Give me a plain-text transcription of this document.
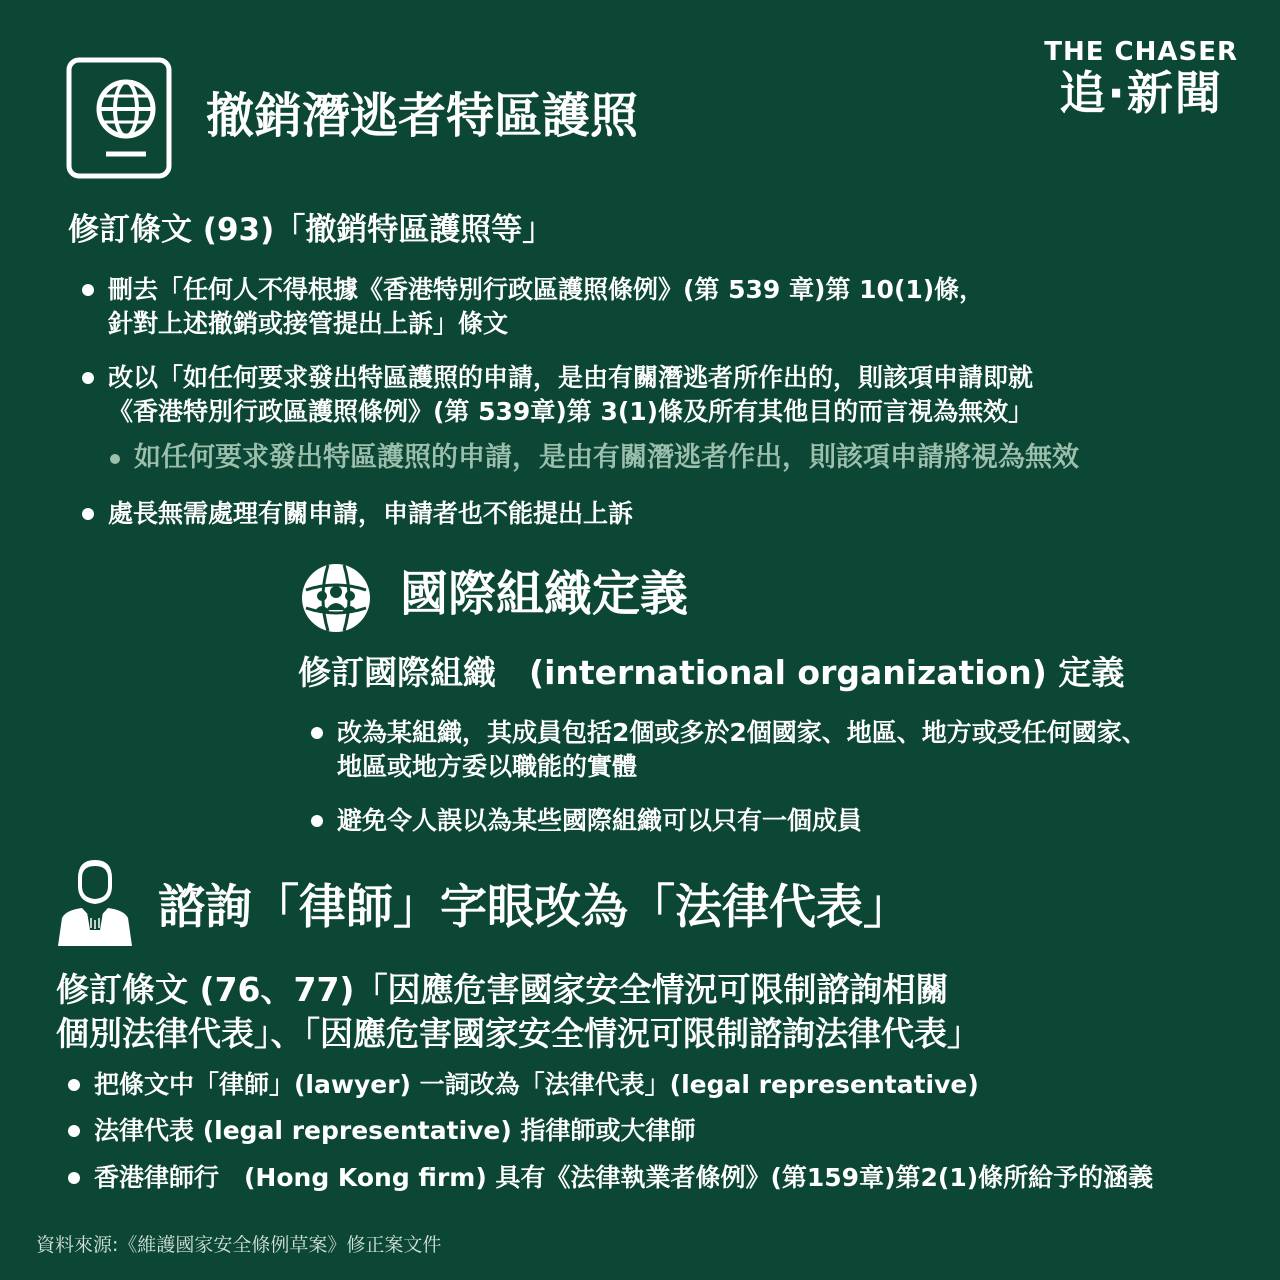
THE CHASER
追·新聞
撤銷潛逃者特區護照
修訂條文 (93)「撤銷特區護照等」
刪去「任何人不得根據《香港特別行政區護照條例》(第 539 章)第 10(1)條，
針對上述撤銷或接管提出上訴」條文
改以「如任何要求發出特區護照的申請，是由有關潛逃者所作出的，則該項申請即就
《香港特別行政區護照條例》(第 539章)第 3(1)條及所有其他目的而言視為無效」
如任何要求發出特區護照的申請，是由有關潛逃者作出，則該項申請將視為無效
處長無需處理有關申請，申請者也不能提出上訴
國際組織定義
修訂國際組織　(international organization) 定義
改為某組織，其成員包括2個或多於2個國家、地區、地方或受任何國家、
地區或地方委以職能的實體
避免令人誤以為某些國際組織可以只有一個成員
諮詢「律師」字眼改為「法律代表」
修訂條文 (76、77)「因應危害國家安全情況可限制諮詢相關
個別法律代表」、「因應危害國家安全情況可限制諮詢法律代表」
把條文中「律師」(lawyer) 一詞改為「法律代表」(legal representative)
法律代表 (legal representative) 指律師或大律師
香港律師行　(Hong Kong firm) 具有《法律執業者條例》(第159章)第2(1)條所給予的涵義
資料來源:《維護國家安全條例草案》修正案文件
